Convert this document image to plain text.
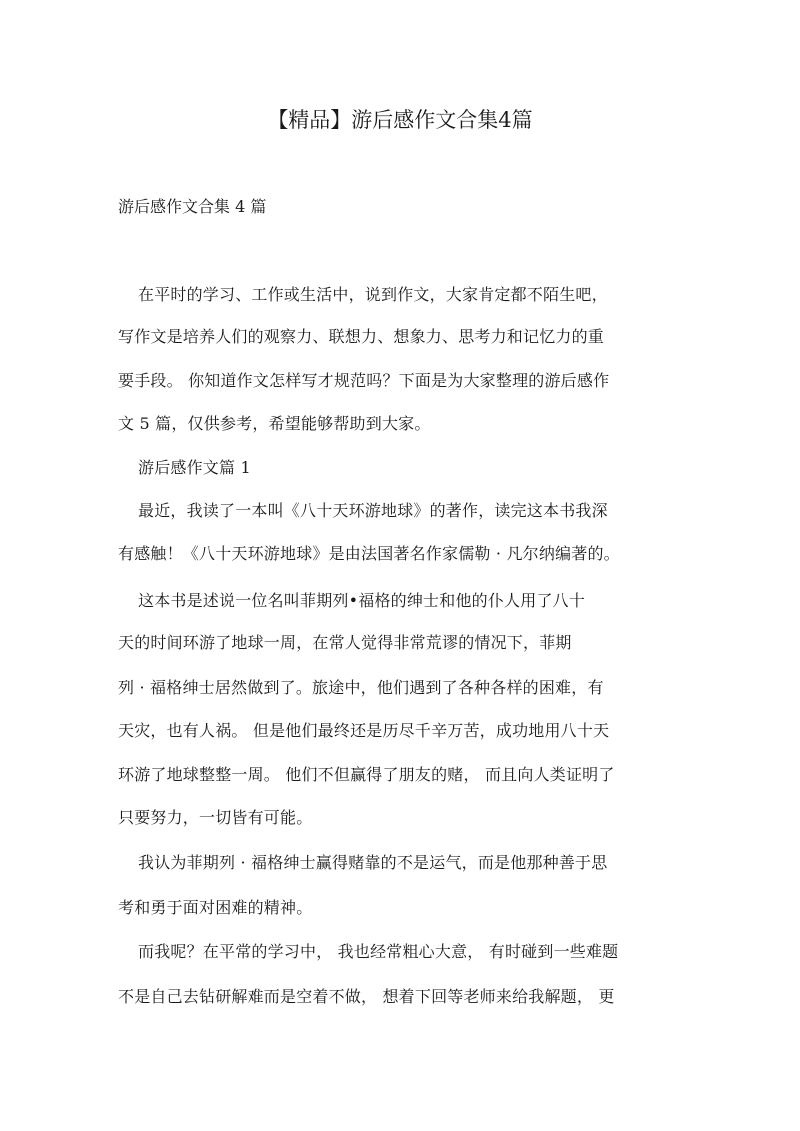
【精品】游后感作文合集4篇
游后感作文合集 4 篇
在平时的学习、工作或生活中，说到作文，大家肯定都不陌生吧，
写作文是培养人们的观察力、联想力、想象力、思考力和记忆力的重
要手段。 你知道作文怎样写才规范吗？下面是为大家整理的游后感作
文 5 篇，仅供参考，希望能够帮助到大家。
游后感作文篇 1
最近，我读了一本叫《八十天环游地球》的著作，读完这本书我深
有感触！《八十天环游地球》是由法国著名作家儒勒 · 凡尔纳编著的。
这本书是述说一位名叫菲期列•福格的绅士和他的仆人用了八十
天的时间环游了地球一周，在常人觉得非常荒谬的情况下，菲期
列 · 福格绅士居然做到了。旅途中，他们遇到了各种各样的困难，有
天灾，也有人祸。 但是他们最终还是历尽千辛万苦，成功地用八十天
环游了地球整整一周。 他们不但赢得了朋友的赌， 而且向人类证明了
只要努力，一切皆有可能。
我认为菲期列 · 福格绅士赢得赌靠的不是运气，而是他那种善于思
考和勇于面对困难的精神。
而我呢？在平常的学习中， 我也经常粗心大意， 有时碰到一些难题
不是自己去钻研解难而是空着不做， 想着下回等老师来给我解题， 更
